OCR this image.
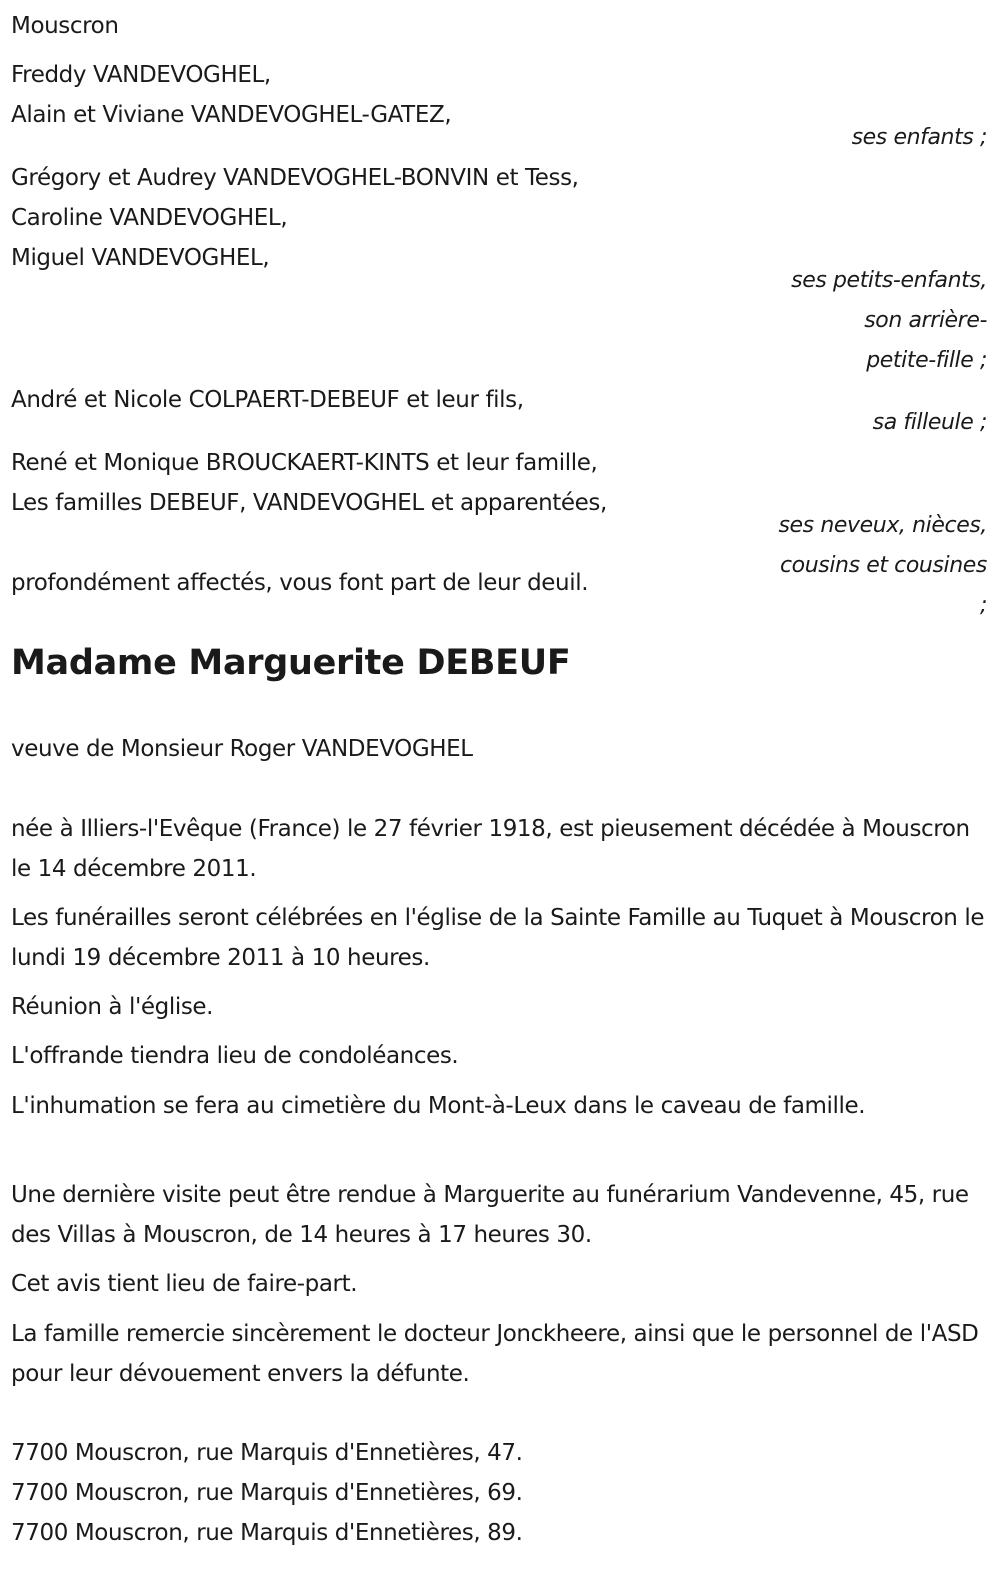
Mouscron
Freddy VANDEVOGHEL,
Alain et Viviane VANDEVOGHEL-GATEZ,
ses enfants ;
Grégory et Audrey VANDEVOGHEL-BONVIN et Tess,
Caroline VANDEVOGHEL,
Miguel VANDEVOGHEL,
ses petits-enfants,
son arrière-
petite-fille ;
André et Nicole COLPAERT-DEBEUF et leur fils,
sa filleule ;
René et Monique BROUCKAERT-KINTS et leur famille,
Les familles DEBEUF, VANDEVOGHEL et apparentées,
ses neveux, nièces,
cousins et cousines
;
profondément affectés, vous font part de leur deuil.
Madame Marguerite DEBEUF
veuve de Monsieur Roger VANDEVOGHEL
née à Illiers-l'Evêque (France) le 27 février 1918, est pieusement décédée à Mouscron le 14 décembre 2011.
Les funérailles seront célébrées en l'église de la Sainte Famille au Tuquet à Mouscron le lundi 19 décembre 2011 à 10 heures.
Réunion à l'église.
L'offrande tiendra lieu de condoléances.
L'inhumation se fera au cimetière du Mont-à-Leux dans le caveau de famille.
Une dernière visite peut être rendue à Marguerite au funérarium Vandevenne, 45, rue des Villas à Mouscron, de 14 heures à 17 heures 30.
Cet avis tient lieu de faire-part.
La famille remercie sincèrement le docteur Jonckheere, ainsi que le personnel de l'ASD pour leur dévouement envers la défunte.
7700 Mouscron, rue Marquis d'Ennetières, 47.
7700 Mouscron, rue Marquis d'Ennetières, 69.
7700 Mouscron, rue Marquis d'Ennetières, 89.
